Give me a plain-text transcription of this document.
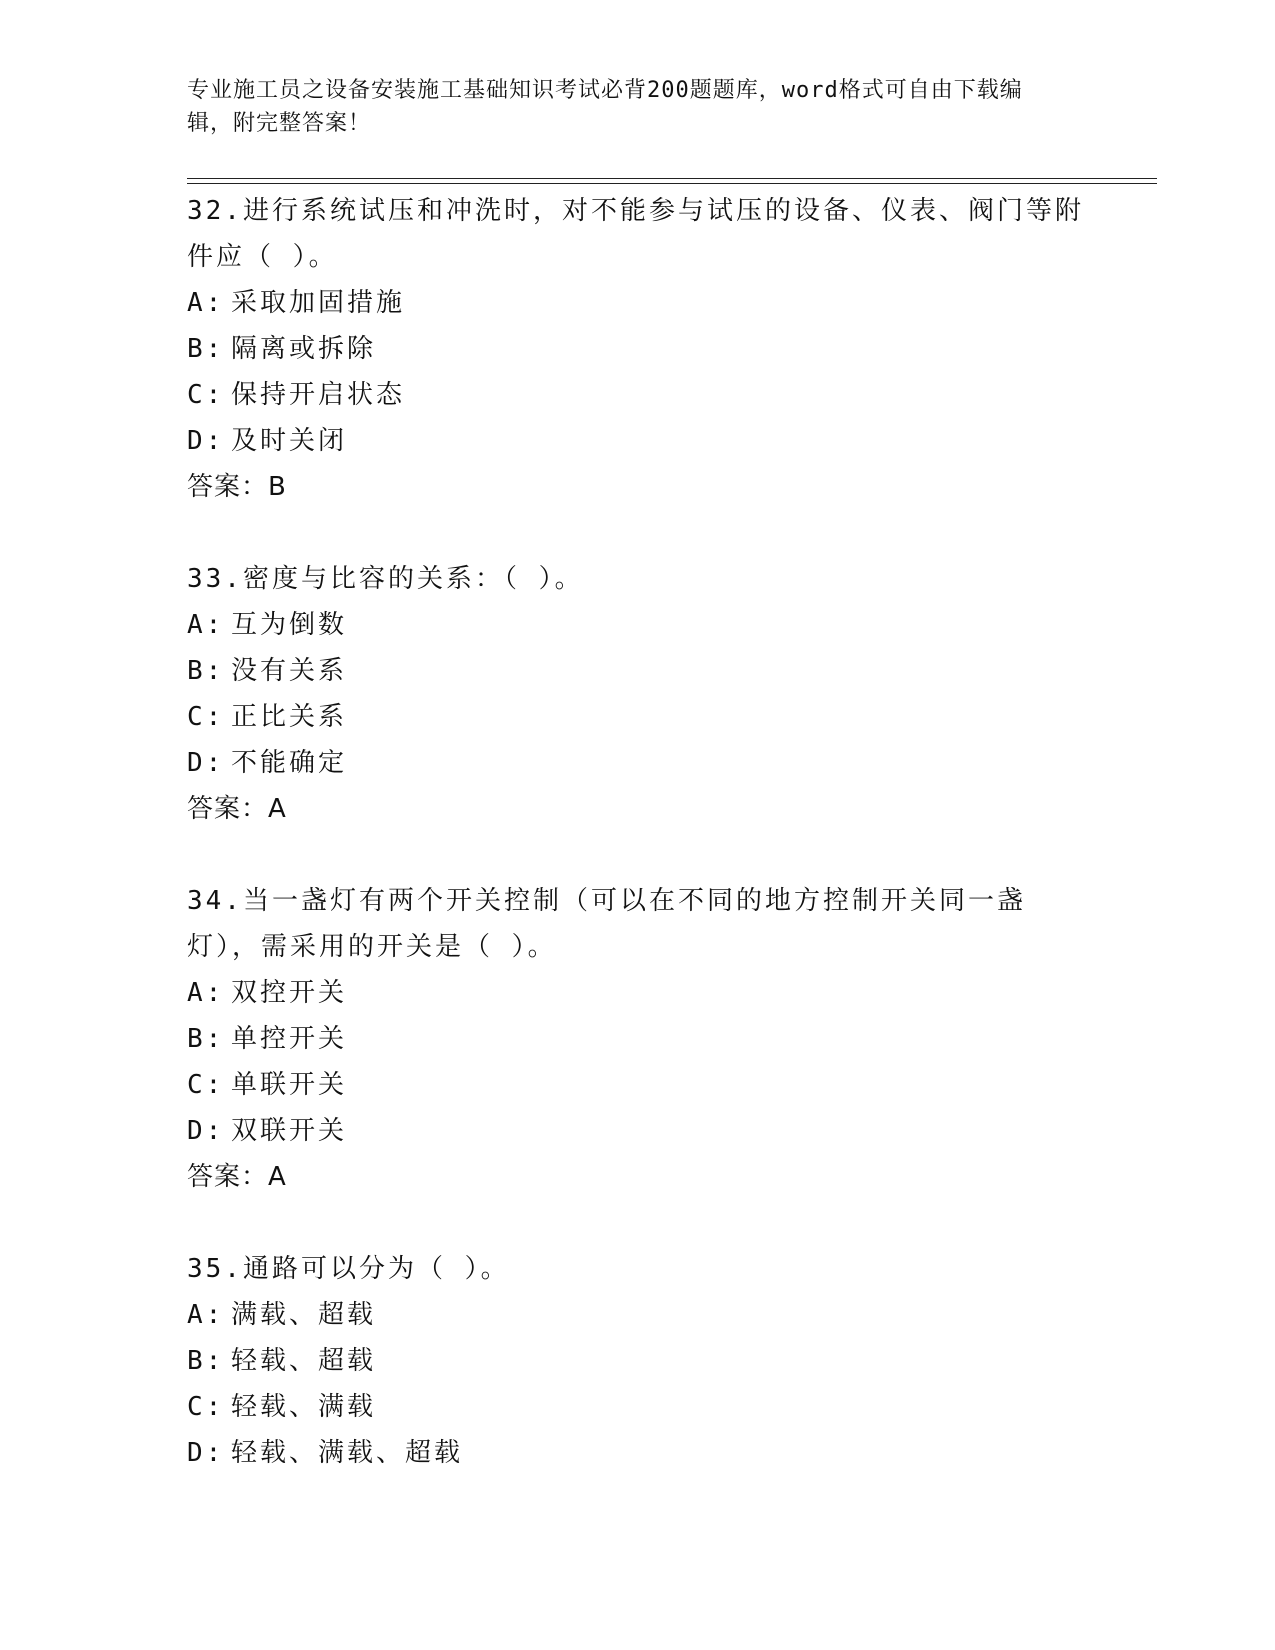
专业施工员之设备安装施工基础知识考试必背200题题库，word格式可自由下载编辑，附完整答案！
32.进行系统试压和冲洗时，对不能参与试压的设备、仪表、阀门等附件应（ ）。
A: 采取加固措施
B: 隔离或拆除
C: 保持开启状态
D: 及时关闭
答案：B
33.密度与比容的关系：（ ）。
A: 互为倒数
B: 没有关系
C: 正比关系
D: 不能确定
答案：A
34.当一盏灯有两个开关控制（可以在不同的地方控制开关同一盏灯），需采用的开关是（ ）。
A: 双控开关
B: 单控开关
C: 单联开关
D: 双联开关
答案：A
35.通路可以分为（ ）。
A: 满载、超载
B: 轻载、超载
C: 轻载、满载
D: 轻载、满载、超载
